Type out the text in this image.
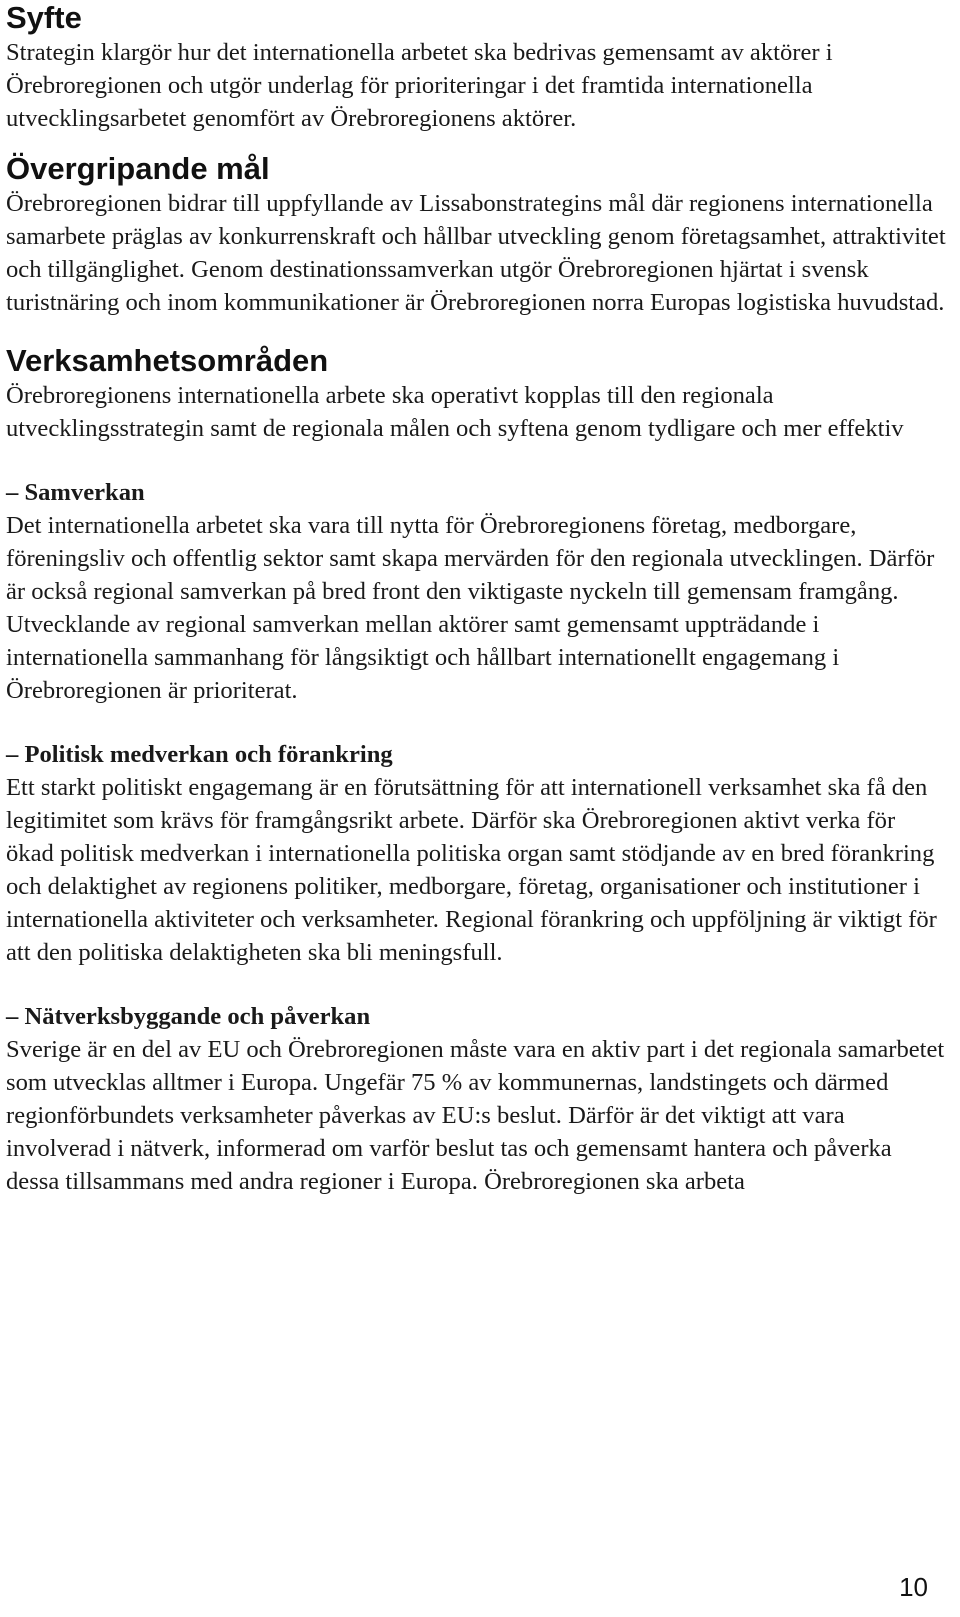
Syfte

Strategin klargör hur det internationella arbetet ska bedrivas gemensamt av aktörer i Örebroregionen och utgör underlag för prioriteringar i det framtida internationella utvecklingsarbetet genomfört av Örebroregionens aktörer.

Övergripande mål

Örebroregionen bidrar till uppfyllande av Lissabonstrategins mål där regionens internationella samarbete präglas av konkurrenskraft och hållbar utveckling genom företagsamhet, attraktivitet och tillgänglighet. Genom destinationssamverkan utgör Örebroregionen hjärtat i svensk turistnäring och inom kommunikationer är Örebroregionen norra Europas logistiska huvudstad.

Verksamhetsområden

Örebroregionens internationella arbete ska operativt kopplas till den regionala utvecklingsstrategin samt de regionala målen och syftena genom tydligare och mer effektiv

– Samverkan

Det internationella arbetet ska vara till nytta för Örebroregionens företag, medborgare, föreningsliv och offentlig sektor samt skapa mervärden för den regionala utvecklingen. Därför är också regional samverkan på bred front den viktigaste nyckeln till gemensam framgång. Utvecklande av regional samverkan mellan aktörer samt gemensamt uppträdande i internationella sammanhang för långsiktigt och hållbart internationellt engagemang i Örebroregionen är prioriterat.

– Politisk medverkan och förankring

Ett starkt politiskt engagemang är en förutsättning för att internationell verksamhet ska få den legitimitet som krävs för framgångsrikt arbete. Därför ska Örebroregionen aktivt verka för ökad politisk medverkan i internationella politiska organ samt stödjande av en bred förankring och delaktighet av regionens politiker, medborgare, företag, organisationer och institutioner i internationella aktiviteter och verksamheter. Regional förankring och uppföljning är viktigt för att den politiska delaktigheten ska bli meningsfull.

– Nätverksbyggande och påverkan

Sverige är en del av EU och Örebroregionen måste vara en aktiv part i det regionala samarbetet som utvecklas alltmer i Europa. Ungefär 75 % av kommunernas, landstingets och därmed regionförbundets verksamheter påverkas av EU:s beslut. Därför är det viktigt att vara involverad i nätverk, informerad om varför beslut tas och gemensamt hantera och påverka dessa tillsammans med andra regioner i Europa. Örebroregionen ska arbeta

10
